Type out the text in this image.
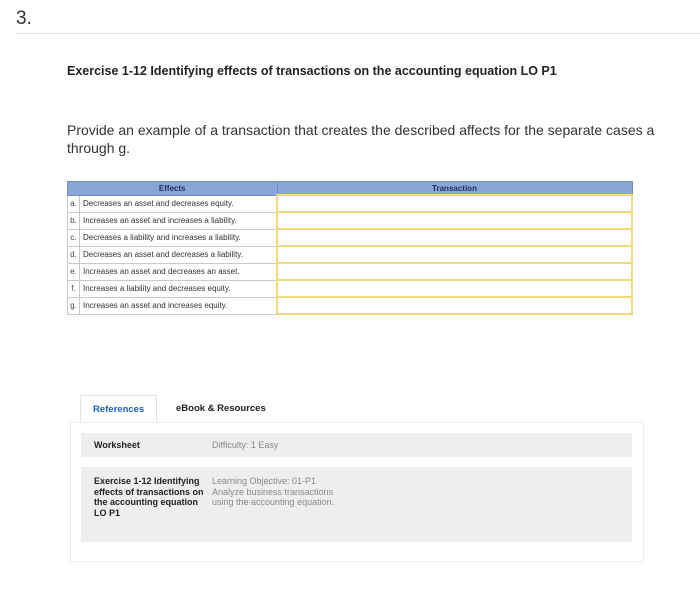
3.
Exercise 1-12 Identifying effects of transactions on the accounting equation LO P1
Provide an example of a transaction that creates the described affects for the separate cases a through g.
Effects		Transaction
a.	Decreases an asset and decreases equity.	
b.	Increases an asset and increases a liability.	
c.	Decreases a liability and increases a liability.	
d.	Decreases an asset and decreases a liability.	
e.	Increases an asset and decreases an asset.	
f.	Increases a liability and decreases equity.	
g.	Increases an asset and increases equity.	
References	eBook & Resources
Worksheet	Difficulty: 1 Easy
Exercise 1-12 Identifying effects of transactions on the accounting equation LO P1
Learning Objective: 01-P1 Analyze business transactions using the accounting equation.
